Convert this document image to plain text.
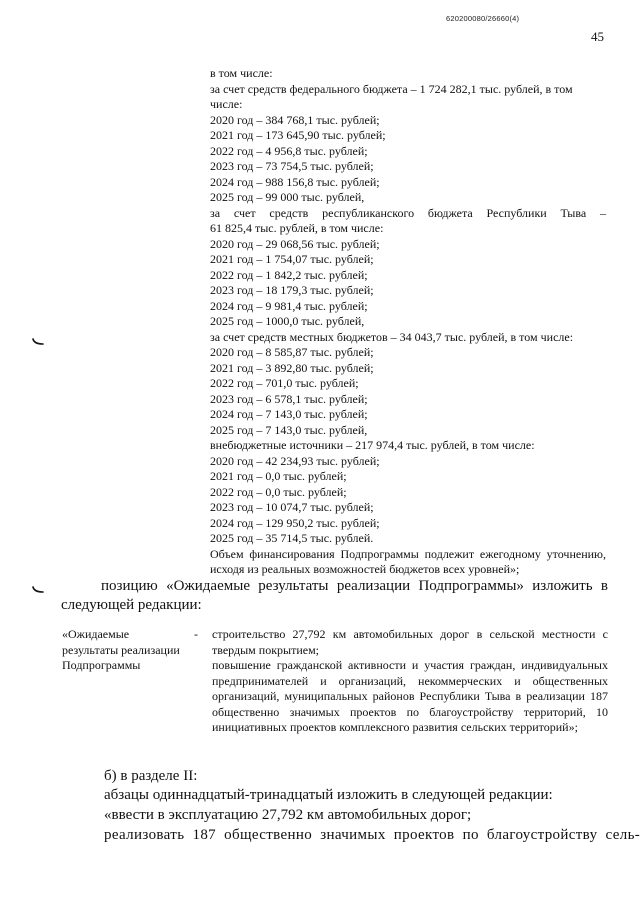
620200080/26660(4)
45
в том числе:
за счет средств федерального бюджета – 1 724 282,1 тыс. рублей, в том
числе:
2020 год – 384 768,1 тыс. рублей;
2021 год – 173 645,90 тыс. рублей;
2022 год – 4 956,8 тыс. рублей;
2023 год – 73 754,5 тыс. рублей;
2024 год – 988 156,8 тыс. рублей;
2025 год – 99 000 тыс. рублей,
за счет средств республиканского бюджета Республики Тыва –
61 825,4 тыс. рублей, в том числе:
2020 год – 29 068,56 тыс. рублей;
2021 год – 1 754,07 тыс. рублей;
2022 год – 1 842,2 тыс. рублей;
2023 год – 18 179,3 тыс. рублей;
2024 год – 9 981,4 тыс. рублей;
2025 год – 1000,0 тыс. рублей,
за счет средств местных бюджетов – 34 043,7 тыс. рублей, в том числе:
2020 год – 8 585,87 тыс. рублей;
2021 год – 3 892,80 тыс. рублей;
2022 год – 701,0 тыс. рублей;
2023 год – 6 578,1 тыс. рублей;
2024 год – 7 143,0 тыс. рублей;
2025 год – 7 143,0 тыс. рублей,
внебюджетные источники – 217 974,4 тыс. рублей, в том числе:
2020 год – 42 234,93 тыс. рублей;
2021 год – 0,0 тыс. рублей;
2022 год – 0,0 тыс. рублей;
2023 год – 10 074,7 тыс. рублей;
2024 год – 129 950,2 тыс. рублей;
2025 год – 35 714,5 тыс. рублей.
Объем финансирования Подпрограммы подлежит ежегодному уточнению, исходя из реальных возможностей бюджетов всех уровней»;

позицию «Ожидаемые результаты реализации Подпрограммы» изложить в следующей редакции:

«Ожидаемые результаты реализации Подпрограммы
- строительство 27,792 км автомобильных дорог в сельской местности с твердым покрытием;

повышение гражданской активности и участия граждан, индивидуальных предпринимателей и организаций, некоммерческих и общественных организаций, муниципальных районов Республики Тыва в реализации 187 общественно значимых проектов по благоустройству территорий, 10 инициативных проектов комплексного развития сельских территорий»;

б) в разделе II:
абзацы одиннадцатый-тринадцатый изложить в следующей редакции:
«ввести в эксплуатацию 27,792 км автомобильных дорог;
реализовать 187 общественно значимых проектов по благоустройству сель-
